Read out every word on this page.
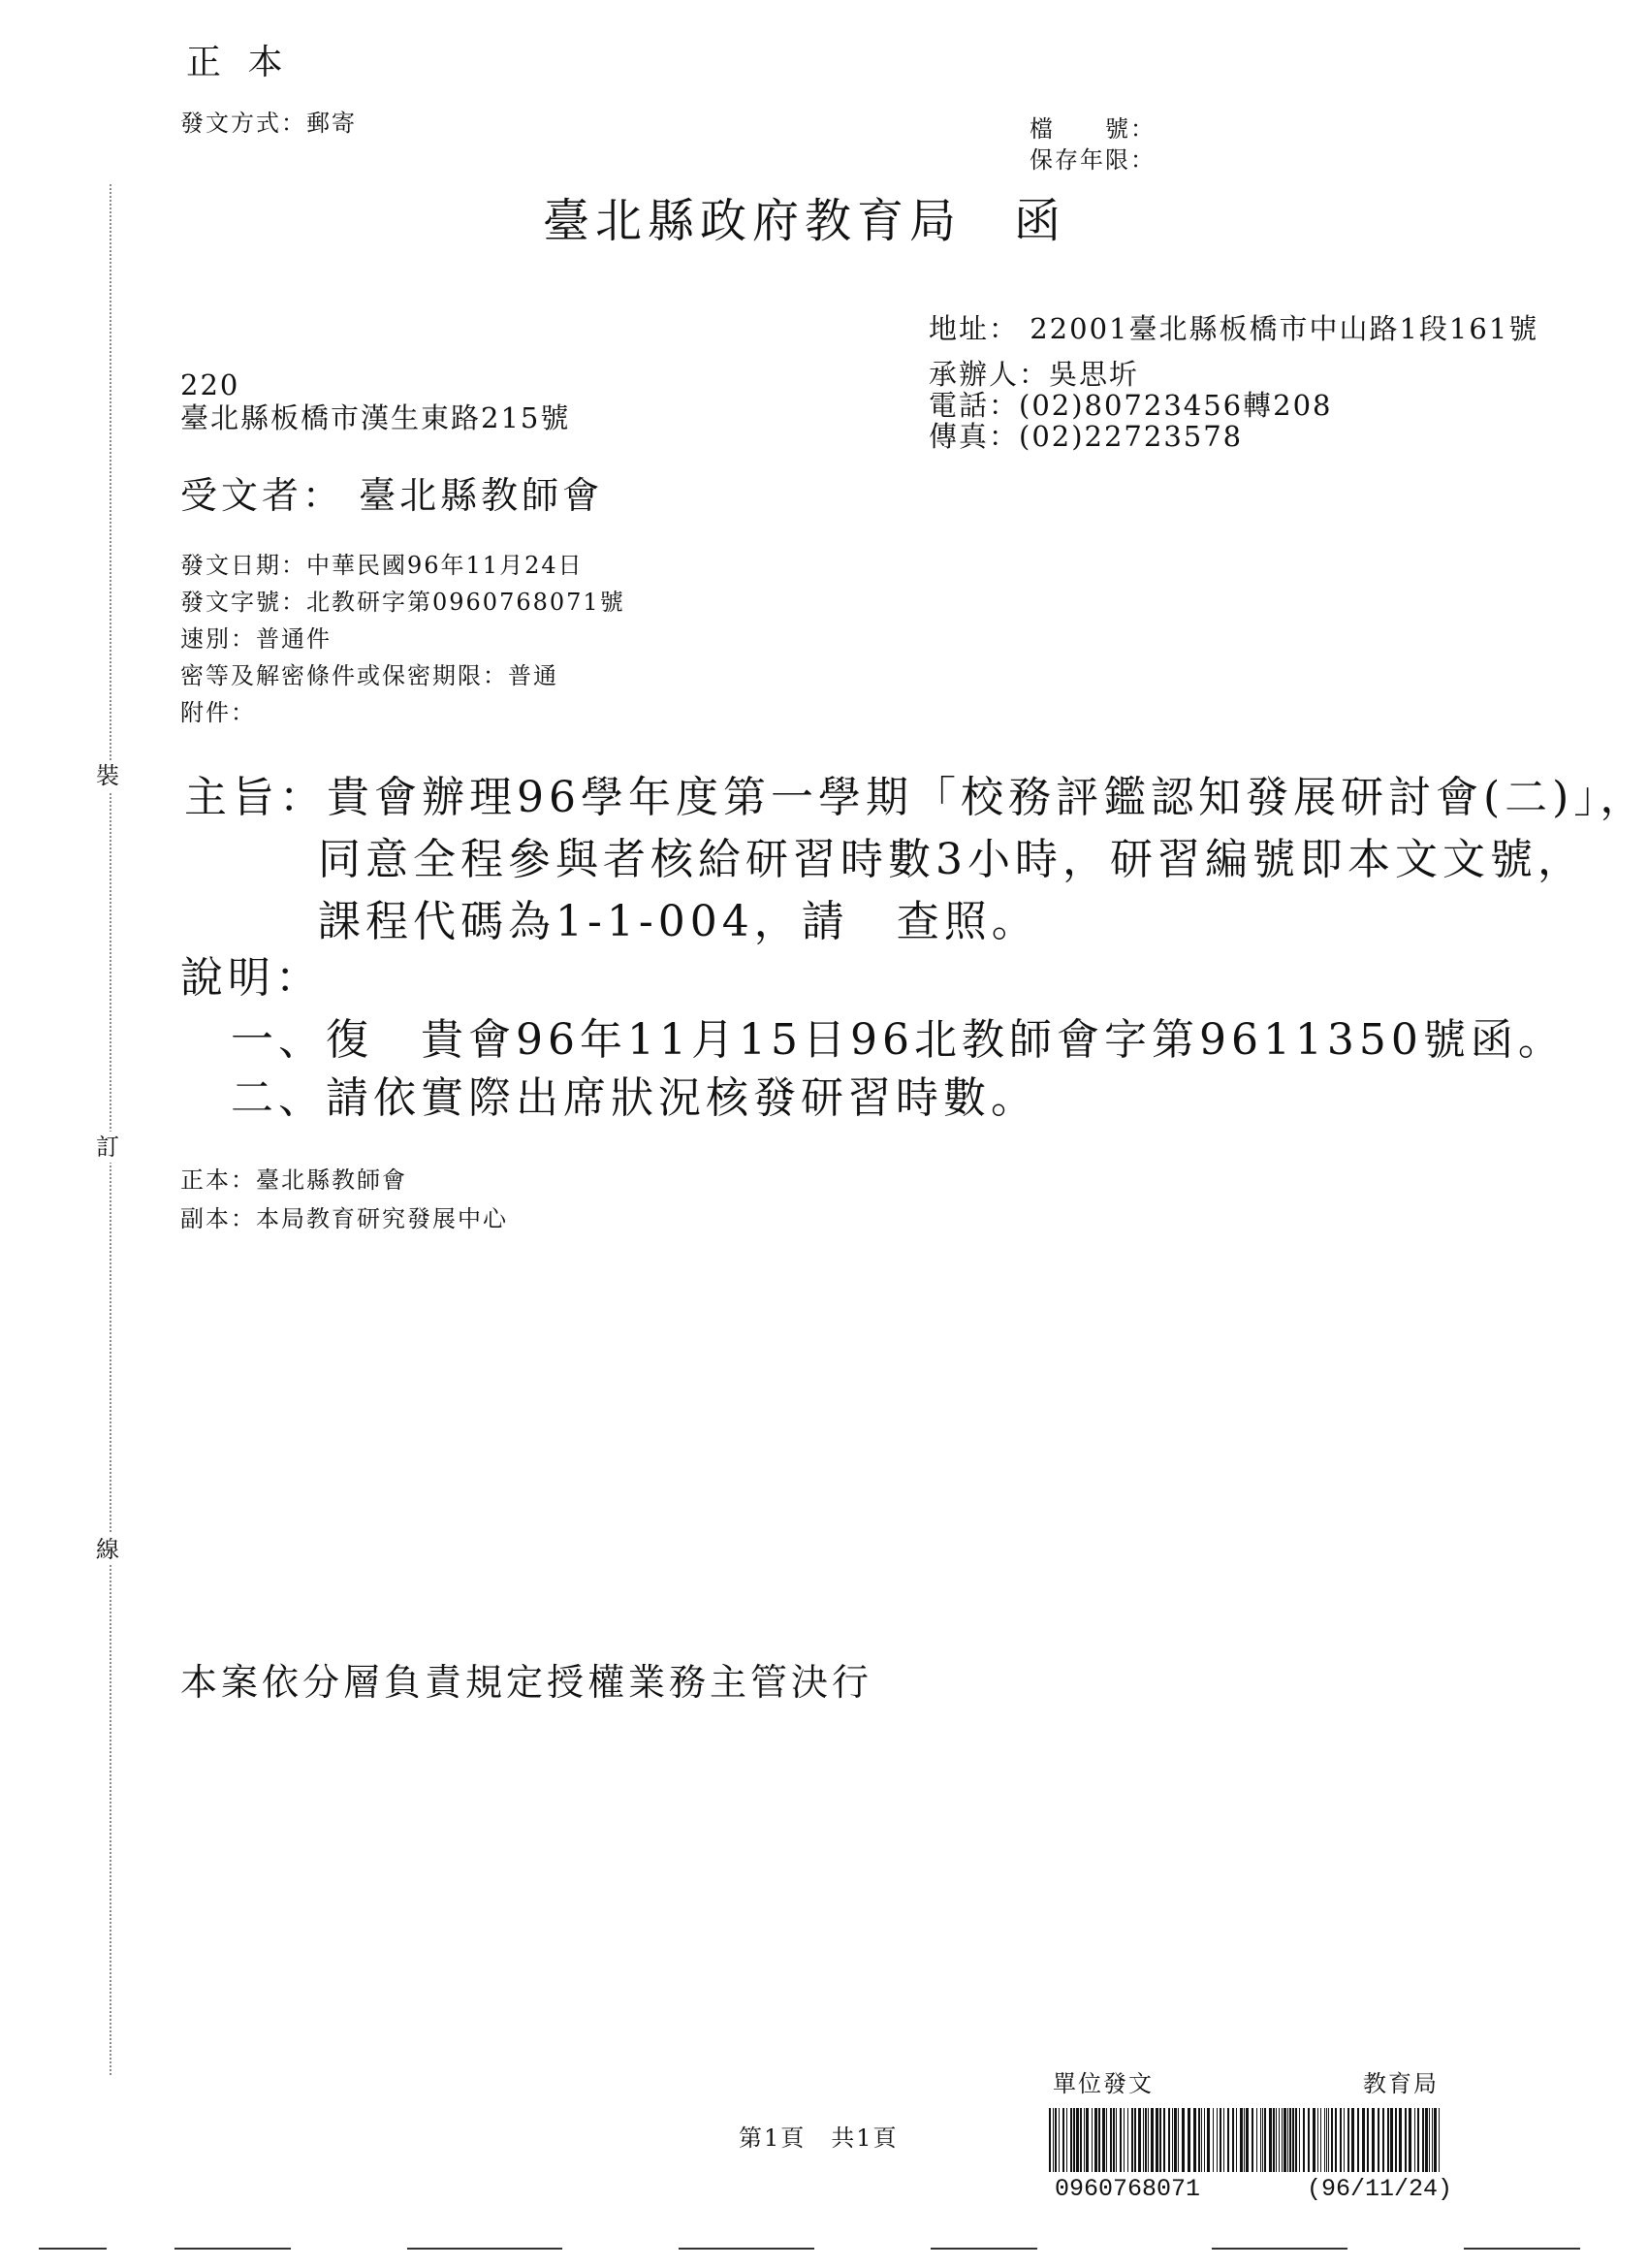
裝
訂
線
正 本
發文方式：郵寄	檔　　號：
保存年限：
臺北縣政府教育局　函
地址： 22001臺北縣板橋市中山路1段161號
承辦人：吳思圻
電話：(02)80723456轉208
傳真：(02)22723578
220
臺北縣板橋市漢生東路215號
受文者： 臺北縣教師會
發文日期：中華民國96年11月24日
發文字號：北教研字第0960768071號
速別：普通件
密等及解密條件或保密期限：普通
附件：
主旨：貴會辦理96學年度第一學期「校務評鑑認知發展研討會(二)」，
同意全程參與者核給研習時數3小時，研習編號即本文文號，
課程代碼為1-1-004，請　查照。
說明：
一、復　貴會96年11月15日96北教師會字第9611350號函。
二、請依實際出席狀況核發研習時數。
正本：臺北縣教師會
副本：本局教育研究發展中心
本案依分層負責規定授權業務主管決行
第1頁　共1頁
單位發文	教育局
0960768071	(96/11/24)
